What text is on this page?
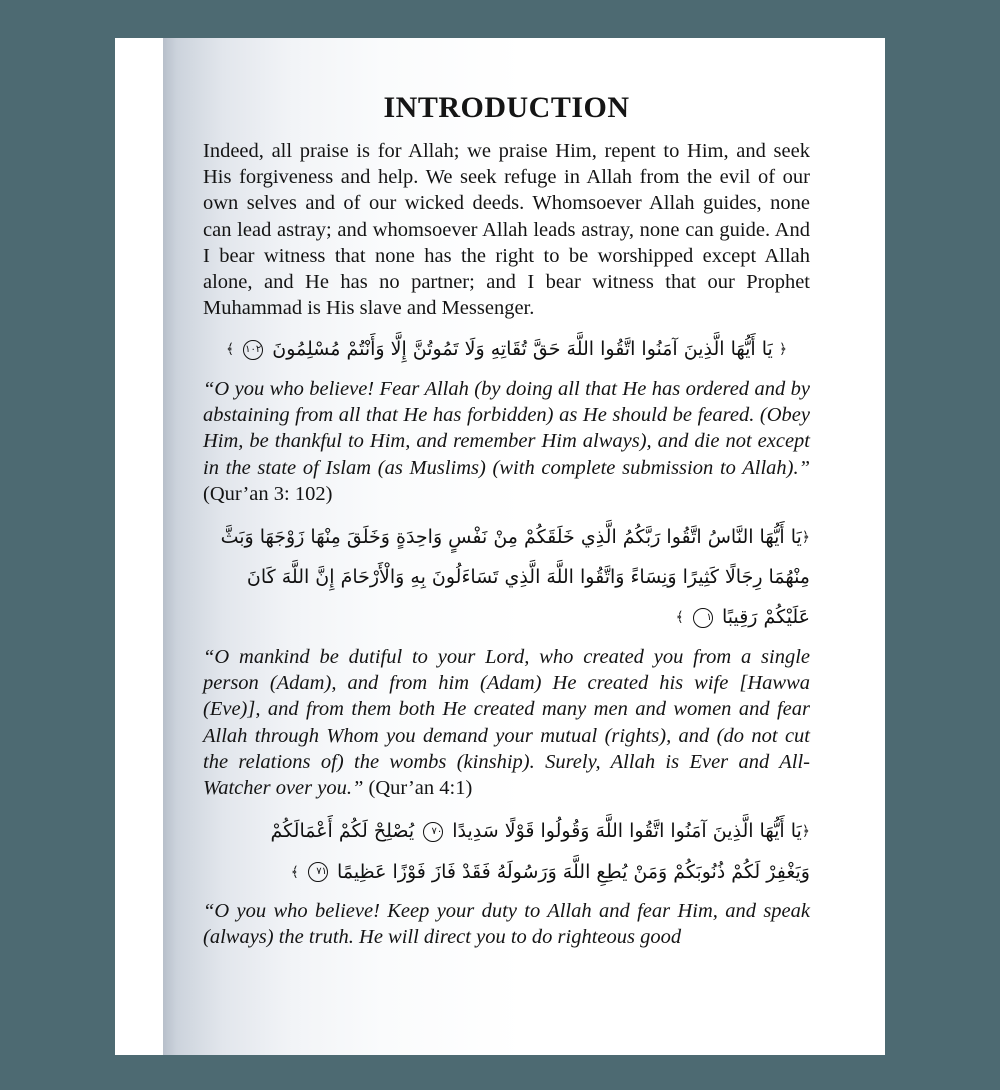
INTRODUCTION

Indeed, all praise is for Allah; we praise Him, repent to Him, and seek His forgiveness and help. We seek refuge in Allah from the evil of our own selves and of our wicked deeds. Whomsoever Allah guides, none can lead astray; and whomsoever Allah leads astray, none can guide. And I bear witness that none has the right to be worshipped except Allah alone, and He has no partner; and I bear witness that our Prophet Muhammad is His slave and Messenger.

﴿ يَا أَيُّهَا الَّذِينَ آمَنُوا اتَّقُوا اللَّهَ حَقَّ تُقَاتِهِ وَلَا تَمُوتُنَّ إِلَّا وَأَنْتُمْ مُسْلِمُونَ ١٠٢ ﴾

“O you who believe! Fear Allah (by doing all that He has ordered and by abstaining from all that He has forbidden) as He should be feared. (Obey Him, be thankful to Him, and remember Him always), and die not except in the state of Islam (as Muslims) (with complete submission to Allah).” (Qur’an 3: 102)

﴿يَا أَيُّهَا النَّاسُ اتَّقُوا رَبَّكُمُ الَّذِي خَلَقَكُمْ مِنْ نَفْسٍ وَاحِدَةٍ وَخَلَقَ مِنْهَا زَوْجَهَا وَبَثَّ
مِنْهُمَا رِجَالًا كَثِيرًا وَنِسَاءً وَاتَّقُوا اللَّهَ الَّذِي تَسَاءَلُونَ بِهِ وَالْأَرْحَامَ إِنَّ اللَّهَ كَانَ
عَلَيْكُمْ رَقِيبًا ١ ﴾

“O mankind be dutiful to your Lord, who created you from a single person (Adam), and from him (Adam) He created his wife [Hawwa (Eve)], and from them both He created many men and women and fear Allah through Whom you demand your mutual (rights), and (do not cut the relations of) the wombs (kinship). Surely, Allah is Ever and All-Watcher over you.” (Qur’an 4:1)

﴿يَا أَيُّهَا الَّذِينَ آمَنُوا اتَّقُوا اللَّهَ وَقُولُوا قَوْلًا سَدِيدًا ٧٠ يُصْلِحْ لَكُمْ أَعْمَالَكُمْ
وَيَغْفِرْ لَكُمْ ذُنُوبَكُمْ وَمَنْ يُطِعِ اللَّهَ وَرَسُولَهُ فَقَدْ فَازَ فَوْزًا عَظِيمًا ٧١ ﴾

“O you who believe! Keep your duty to Allah and fear Him, and speak (always) the truth. He will direct you to do righteous good
